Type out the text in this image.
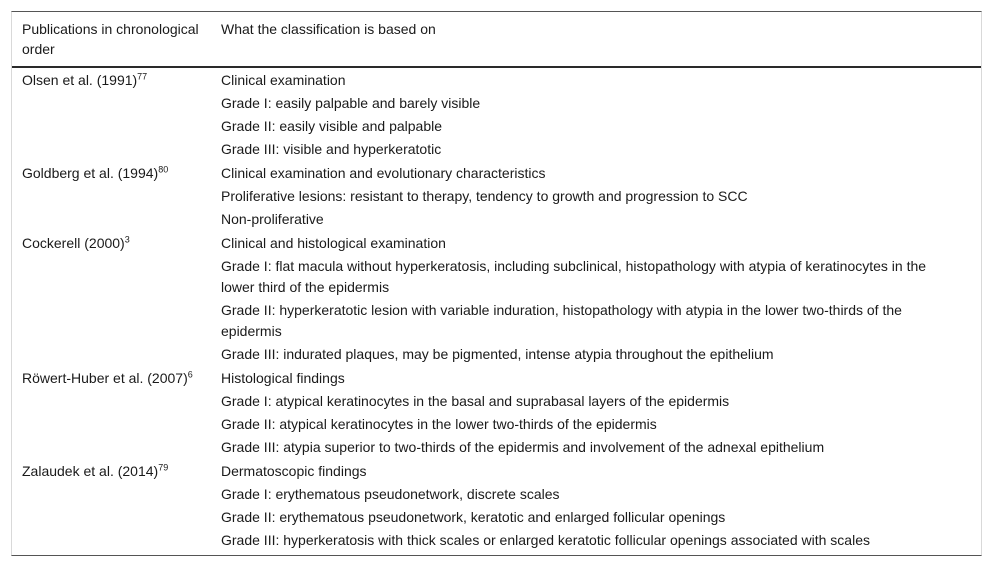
Publications in chronological order	What the classification is based on
Olsen et al. $(1991)^{77}$	Clinical examination
Grade I: easily palpable and barely visible
Grade II: easily visible and palpable
Grade III: visible and hyperkeratotic

Goldberg et al. $(1994)^{80}$	Clinical examination and evolutionary characteristics
Proliferative lesions: resistant to therapy, tendency to growth and progression to SCC
Non-proliferative

Cockerell $(2000)^3$	Clinical and histological examination
Grade I: flat macula without hyperkeratosis, including subclinical, histopathology with atypia of keratinocytes in the lower third of the epidermis
Grade II: hyperkeratotic lesion with variable induration, histopathology with atypia in the lower two-thirds of the epidermis
Grade III: indurated plaques, may be pigmented, intense atypia throughout the epithelium

Röwert-Huber et al. $(2007)^6$	Histological findings
Grade I: atypical keratinocytes in the basal and suprabasal layers of the epidermis
Grade II: atypical keratinocytes in the lower two-thirds of the epidermis
Grade III: atypia superior to two-thirds of the epidermis and involvement of the adnexal epithelium

Zalaudek et al. $(2014)^{79}$	Dermatoscopic findings
Grade I: erythematous pseudonetwork, discrete scales
Grade II: erythematous pseudonetwork, keratotic and enlarged follicular openings
Grade III: hyperkeratosis with thick scales or enlarged keratotic follicular openings associated with scales
